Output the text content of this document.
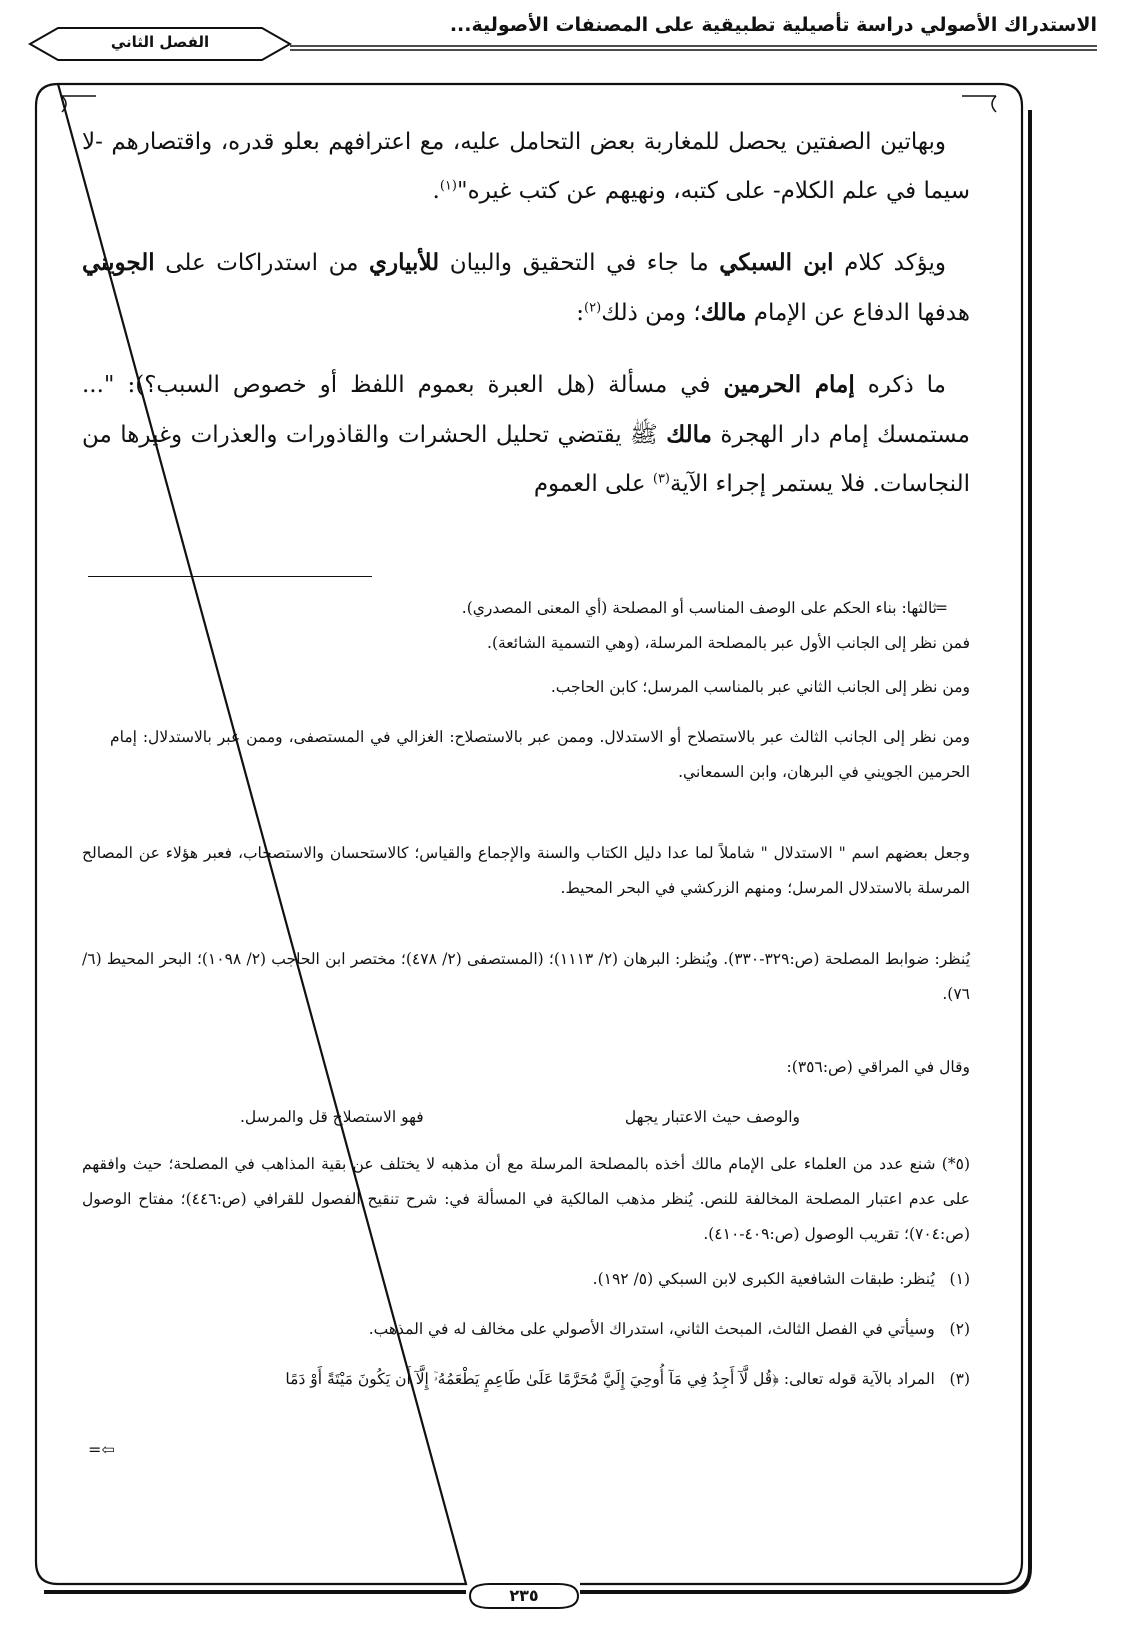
الاستدراك الأصولي دراسة تأصيلية تطبيقية على المصنفات الأصولية...
الفصل الثاني

وبهاتين الصفتين يحصل للمغاربة بعض التحامل عليه، مع اعترافهم بعلو قدره، واقتصارهم -لا سيما في علم الكلام- على كتبه، ونهيهم عن كتب غيره"$^{(١)}$.

ويؤكد كلام ابن السبكي ما جاء في التحقيق والبيان للأبياري من استدراكات على الجويني هدفها الدفاع عن الإمام مالك؛ ومن ذلك$^{(٢)}$:

ما ذكره إمام الحرمين في مسألة (هل العبرة بعموم اللفظ أو خصوص السبب؟): "... مستمسك إمام دار الهجرة مالك ﷺ يقتضي تحليل الحشرات والقاذورات والعذرات وغيرها من النجاسات. فلا يستمر إجراء الآية$^{(٣)}$ على العموم

ثالثها: بناء الحكم على الوصف المناسب أو المصلحة (أي المعنى المصدري).
=
فمن نظر إلى الجانب الأول عبر بالمصلحة المرسلة، (وهي التسمية الشائعة).
ومن نظر إلى الجانب الثاني عبر بالمناسب المرسل؛ كابن الحاجب.
ومن نظر إلى الجانب الثالث عبر بالاستصلاح أو الاستدلال. وممن عبر بالاستصلاح: الغزالي في المستصفى، وممن عبر بالاستدلال: إمام الحرمين الجويني في البرهان، وابن السمعاني.
وجعل بعضهم اسم " الاستدلال " شاملاً لما عدا دليل الكتاب والسنة والإجماع والقياس؛ كالاستحسان والاستصحاب، فعبر هؤلاء عن المصالح المرسلة بالاستدلال المرسل؛ ومنهم الزركشي في البحر المحيط.
يُنظر: ضوابط المصلحة (ص:٣٢٩-٣٣٠). ويُنظر: البرهان (٢/ ١١١٣)؛ (المستصفى (٢/ ٤٧٨)؛ مختصر ابن الحاجب (٢/ ١٠٩٨)؛ البحر المحيط (٦/ ٧٦).
وقال في المراقي (ص:٣٥٦):
والوصف حيث الاعتبار يجهل
فهو الاستصلاح قل والمرسل.
(٥*) شنع عدد من العلماء على الإمام مالك أخذه بالمصلحة المرسلة مع أن مذهبه لا يختلف عن بقية المذاهب في المصلحة؛ حيث وافقهم على عدم اعتبار المصلحة المخالفة للنص. يُنظر مذهب المالكية في المسألة في: شرح تنقيح الفصول للقرافي (ص:٤٤٦)؛ مفتاح الوصول (ص:٧٠٤)؛ تقريب الوصول (ص:٤٠٩-٤١٠).
(١)   يُنظر: طبقات الشافعية الكبرى لابن السبكي (٥/ ١٩٢).
(٢)   وسيأتي في الفصل الثالث، المبحث الثاني، استدراك الأصولي على مخالف له في المذهب.
(٣)   المراد بالآية قوله تعالى: ﴿قُل لَّآ أَجِدُ فِي مَآ أُوحِيَ إِلَيَّ مُحَرَّمًا عَلَىٰ طَاعِمٍ يَطْعَمُهُۥٓ إِلَّآ أَن يَكُونَ مَيْتَةً أَوْ دَمًا
=⇦
٢٣٥
